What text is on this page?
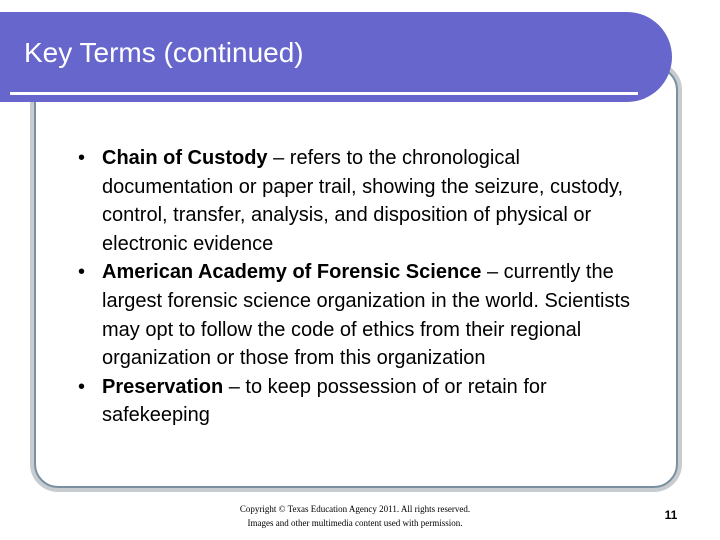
Key Terms (continued)
• Chain of Custody – refers to the chronological documentation or paper trail, showing the seizure, custody, control, transfer, analysis, and disposition of physical or electronic evidence
• American Academy of Forensic Science – currently the largest forensic science organization in the world. Scientists may opt to follow the code of ethics from their regional organization or those from this organization
• Preservation – to keep possession of or retain for safekeeping
Copyright © Texas Education Agency 2011. All rights reserved.
Images and other multimedia content used with permission.
11
